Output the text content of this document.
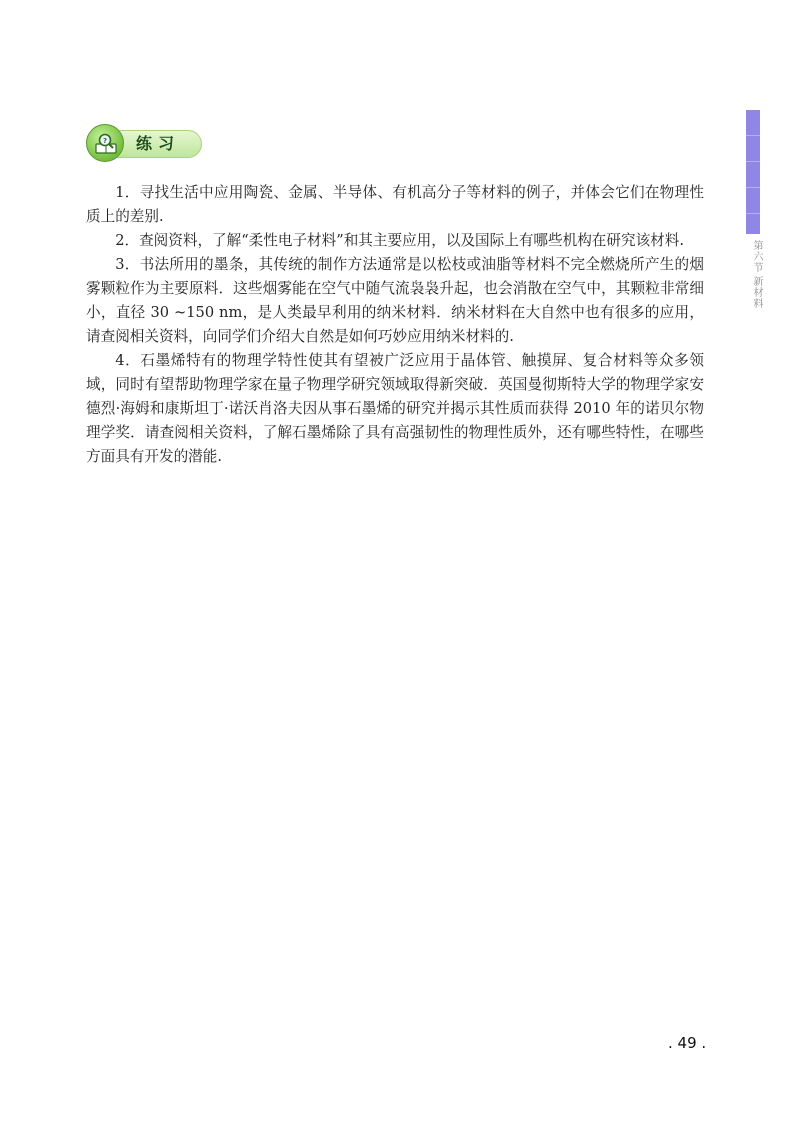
第六节
新材料
? 练习

1．寻找生活中应用陶瓷、金属、半导体、有机高分子等材料的例子，并体会它们在物理性质上的差别.

2．查阅资料，了解“柔性电子材料”和其主要应用，以及国际上有哪些机构在研究该材料.

3．书法所用的墨条，其传统的制作方法通常是以松枝或油脂等材料不完全燃烧所产生的烟雾颗粒作为主要原料．这些烟雾能在空气中随气流袅袅升起，也会消散在空气中，其颗粒非常细小，直径 30 ~150 nm，是人类最早利用的纳米材料．纳米材料在大自然中也有很多的应用，请查阅相关资料，向同学们介绍大自然是如何巧妙应用纳米材料的.

4．石墨烯特有的物理学特性使其有望被广泛应用于晶体管、触摸屏、复合材料等众多领域，同时有望帮助物理学家在量子物理学研究领域取得新突破．英国曼彻斯特大学的物理学家安德烈·海姆和康斯坦丁·诺沃肖洛夫因从事石墨烯的研究并揭示其性质而获得 2010 年的诺贝尔物理学奖．请查阅相关资料，了解石墨烯除了具有高强韧性的物理性质外，还有哪些特性，在哪些方面具有开发的潜能.

. 49 .
